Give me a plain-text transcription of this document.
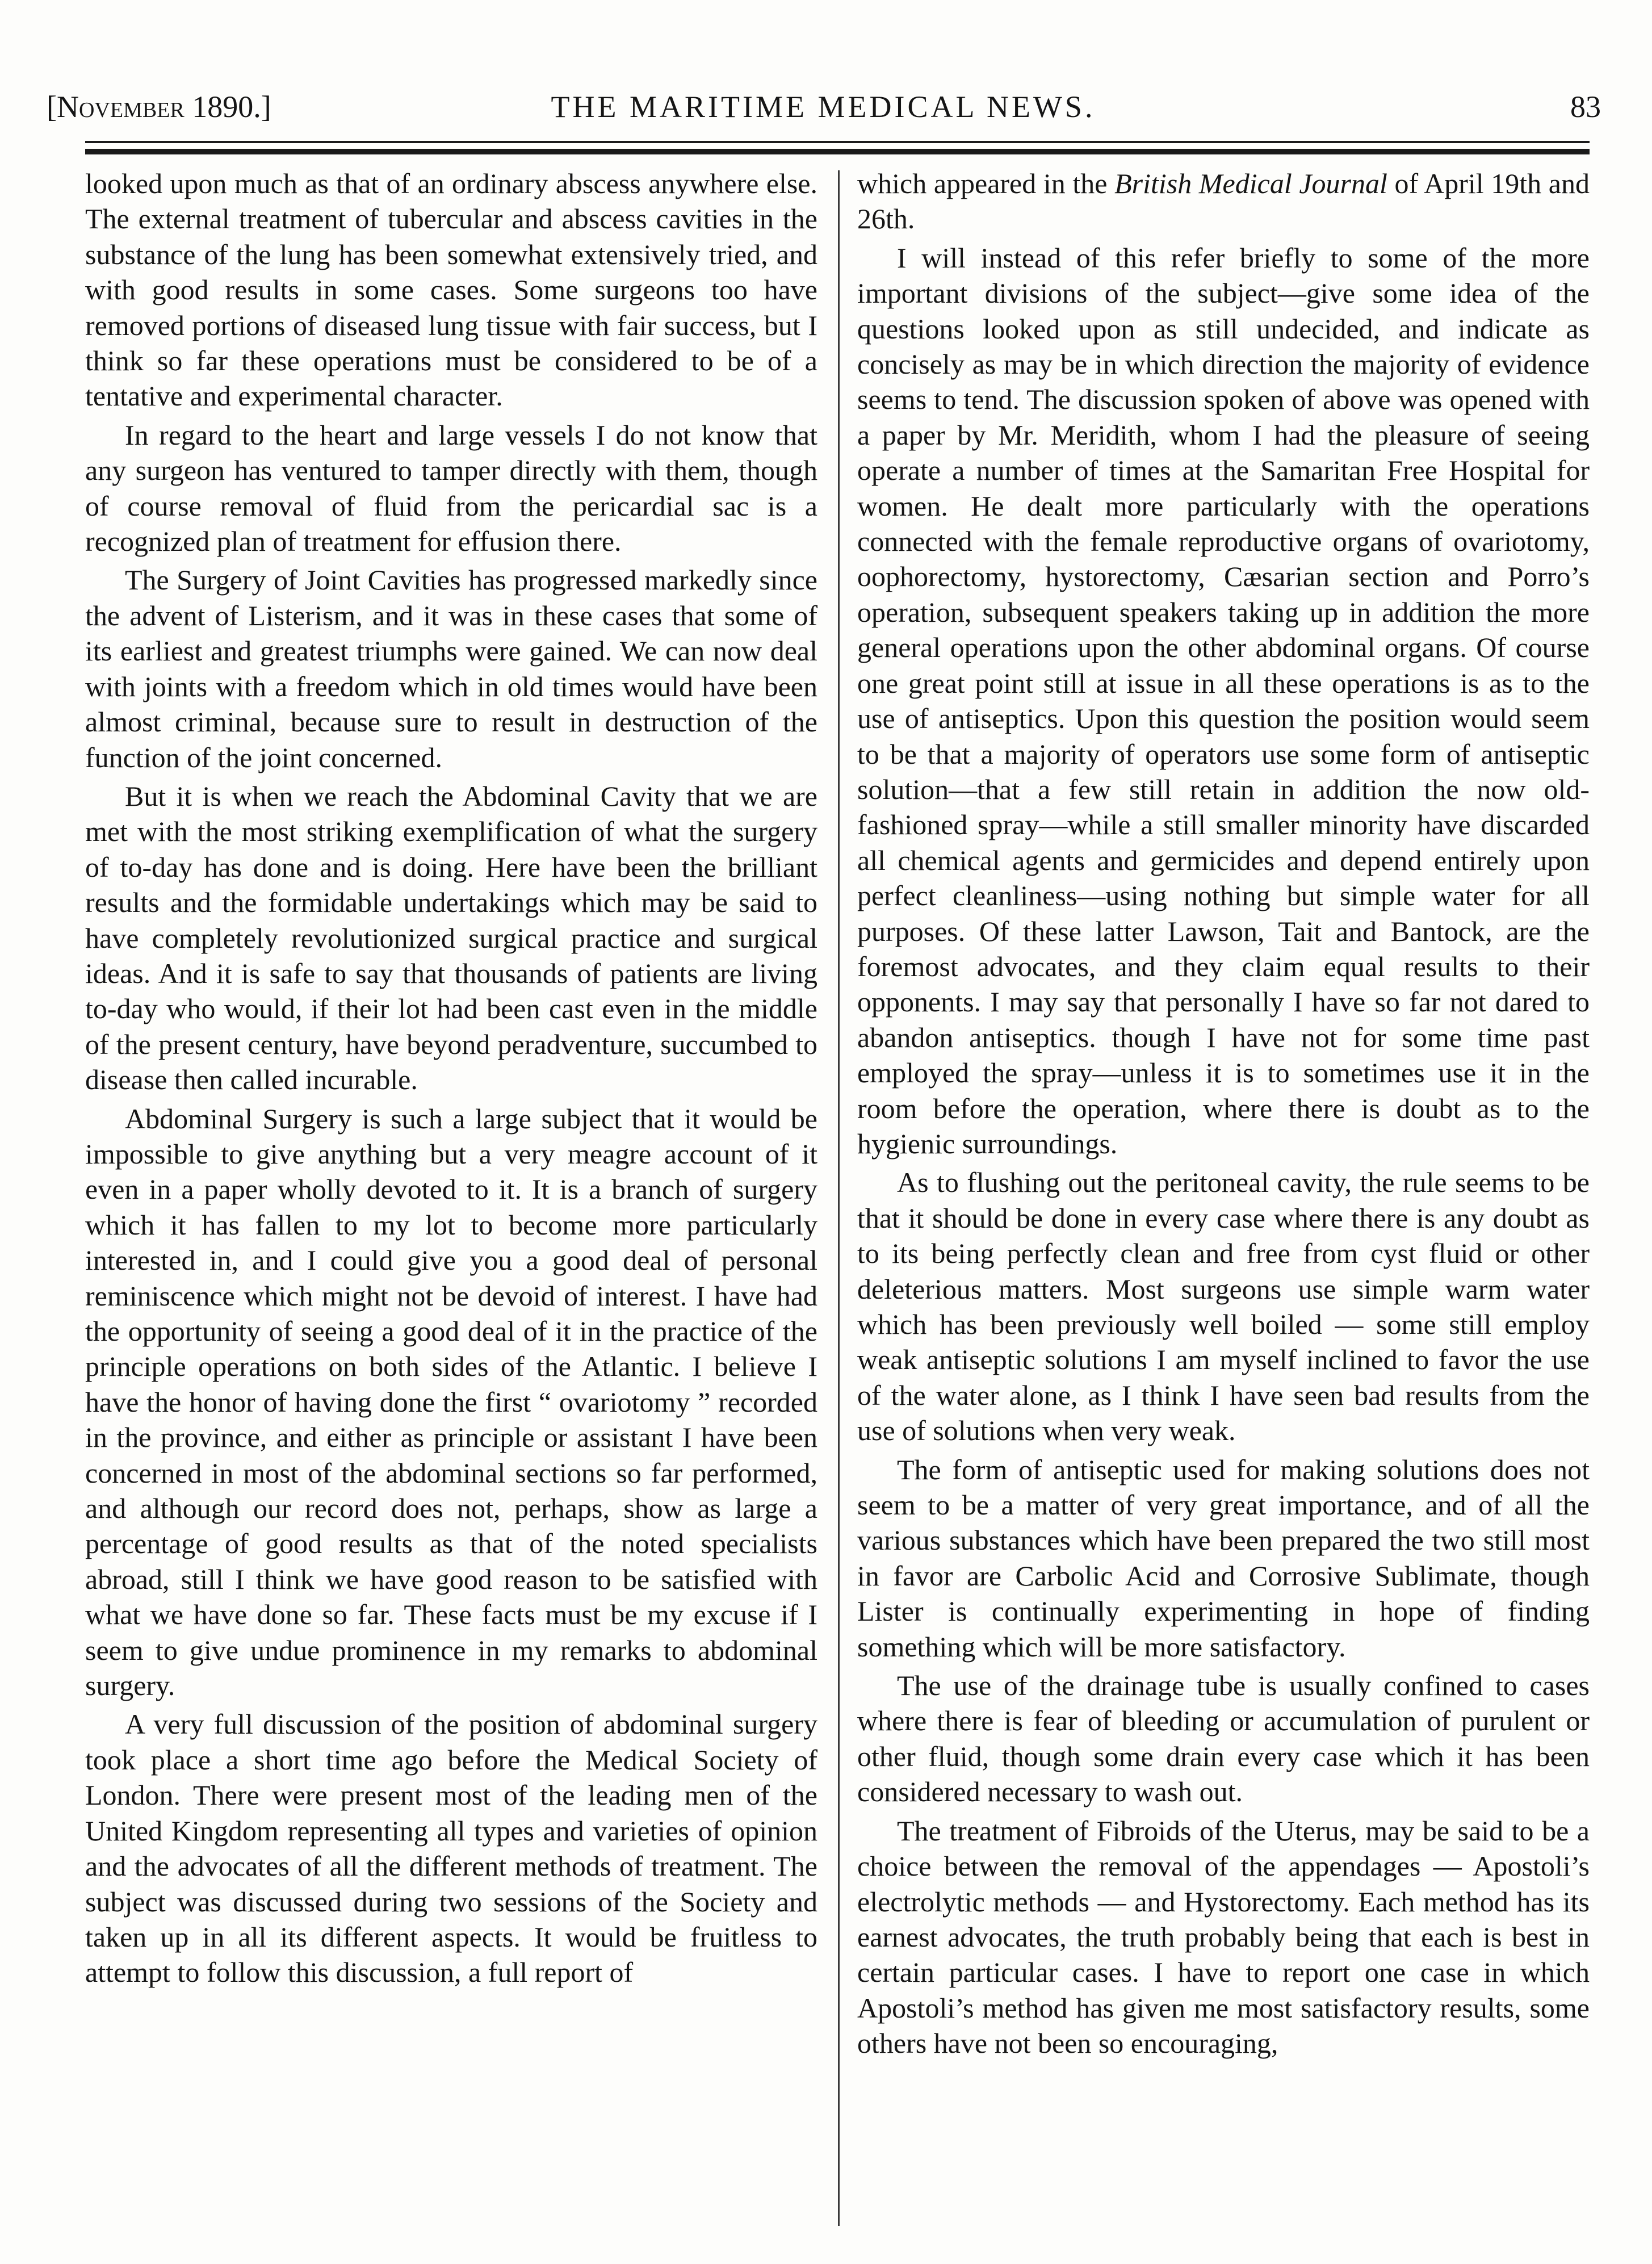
[November 1890.]	THE MARITIME MEDICAL NEWS.	83

looked upon much as that of an ordinary abscess anywhere else. The external treatment of tubercular and abscess cavities in the substance of the lung has been somewhat extensively tried, and with good results in some cases. Some surgeons too have removed portions of diseased lung tissue with fair success, but I think so far these operations must be considered to be of a tentative and experimental character.

In regard to the heart and large vessels I do not know that any surgeon has ventured to tamper directly with them, though of course removal of fluid from the pericardial sac is a recognized plan of treatment for effusion there.

The Surgery of Joint Cavities has progressed markedly since the advent of Listerism, and it was in these cases that some of its earliest and greatest triumphs were gained. We can now deal with joints with a freedom which in old times would have been almost criminal, because sure to result in destruction of the function of the joint concerned.

But it is when we reach the Abdominal Cavity that we are met with the most striking exemplification of what the surgery of to-day has done and is doing. Here have been the brilliant results and the formidable undertakings which may be said to have completely revolutionized surgical practice and surgical ideas. And it is safe to say that thousands of patients are living to-day who would, if their lot had been cast even in the middle of the present century, have beyond peradventure, succumbed to disease then called incurable.

Abdominal Surgery is such a large subject that it would be impossible to give anything but a very meagre account of it even in a paper wholly devoted to it. It is a branch of surgery which it has fallen to my lot to become more particularly interested in, and I could give you a good deal of personal reminiscence which might not be devoid of interest. I have had the opportunity of seeing a good deal of it in the practice of the principle operations on both sides of the Atlantic. I believe I have the honor of having done the first “ ovariotomy ” recorded in the province, and either as principle or assistant I have been concerned in most of the abdominal sections so far performed, and although our record does not, perhaps, show as large a percentage of good results as that of the noted specialists abroad, still I think we have good reason to be satisfied with what we have done so far. These facts must be my excuse if I seem to give undue prominence in my remarks to abdominal surgery.

A very full discussion of the position of abdominal surgery took place a short time ago before the Medical Society of London. There were present most of the leading men of the United Kingdom representing all types and varieties of opinion and the advocates of all the different methods of treatment. The subject was discussed during two sessions of the Society and taken up in all its different aspects. It would be fruitless to attempt to follow this discussion, a full report of

which appeared in the British Medical Journal of April 19th and 26th.

I will instead of this refer briefly to some of the more important divisions of the subject—give some idea of the questions looked upon as still undecided, and indicate as concisely as may be in which direction the majority of evidence seems to tend. The discussion spoken of above was opened with a paper by Mr. Meridith, whom I had the pleasure of seeing operate a number of times at the Samaritan Free Hospital for women. He dealt more particularly with the operations connected with the female reproductive organs of ovariotomy, oophorectomy, hystorectomy, Cæsarian section and Porro’s operation, subsequent speakers taking up in addition the more general operations upon the other abdominal organs. Of course one great point still at issue in all these operations is as to the use of antiseptics. Upon this question the position would seem to be that a majority of operators use some form of antiseptic solution—that a few still retain in addition the now old-fashioned spray—while a still smaller minority have discarded all chemical agents and germicides and depend entirely upon perfect cleanliness—using nothing but simple water for all purposes. Of these latter Lawson, Tait and Bantock, are the foremost advocates, and they claim equal results to their opponents. I may say that personally I have so far not dared to abandon antiseptics. though I have not for some time past employed the spray—unless it is to sometimes use it in the room before the operation, where there is doubt as to the hygienic surroundings.

As to flushing out the peritoneal cavity, the rule seems to be that it should be done in every case where there is any doubt as to its being perfectly clean and free from cyst fluid or other deleterious matters. Most surgeons use simple warm water which has been previously well boiled — some still employ weak antiseptic solutions I am myself inclined to favor the use of the water alone, as I think I have seen bad results from the use of solutions when very weak.

The form of antiseptic used for making solutions does not seem to be a matter of very great importance, and of all the various substances which have been prepared the two still most in favor are Carbolic Acid and Corrosive Sublimate, though Lister is continually experimenting in hope of finding something which will be more satisfactory.

The use of the drainage tube is usually confined to cases where there is fear of bleeding or accumulation of purulent or other fluid, though some drain every case which it has been considered necessary to wash out.

The treatment of Fibroids of the Uterus, may be said to be a choice between the removal of the appendages — Apostoli’s electrolytic methods — and Hystorectomy. Each method has its earnest advocates, the truth probably being that each is best in certain particular cases. I have to report one case in which Apostoli’s method has given me most satisfactory results, some others have not been so encouraging,
